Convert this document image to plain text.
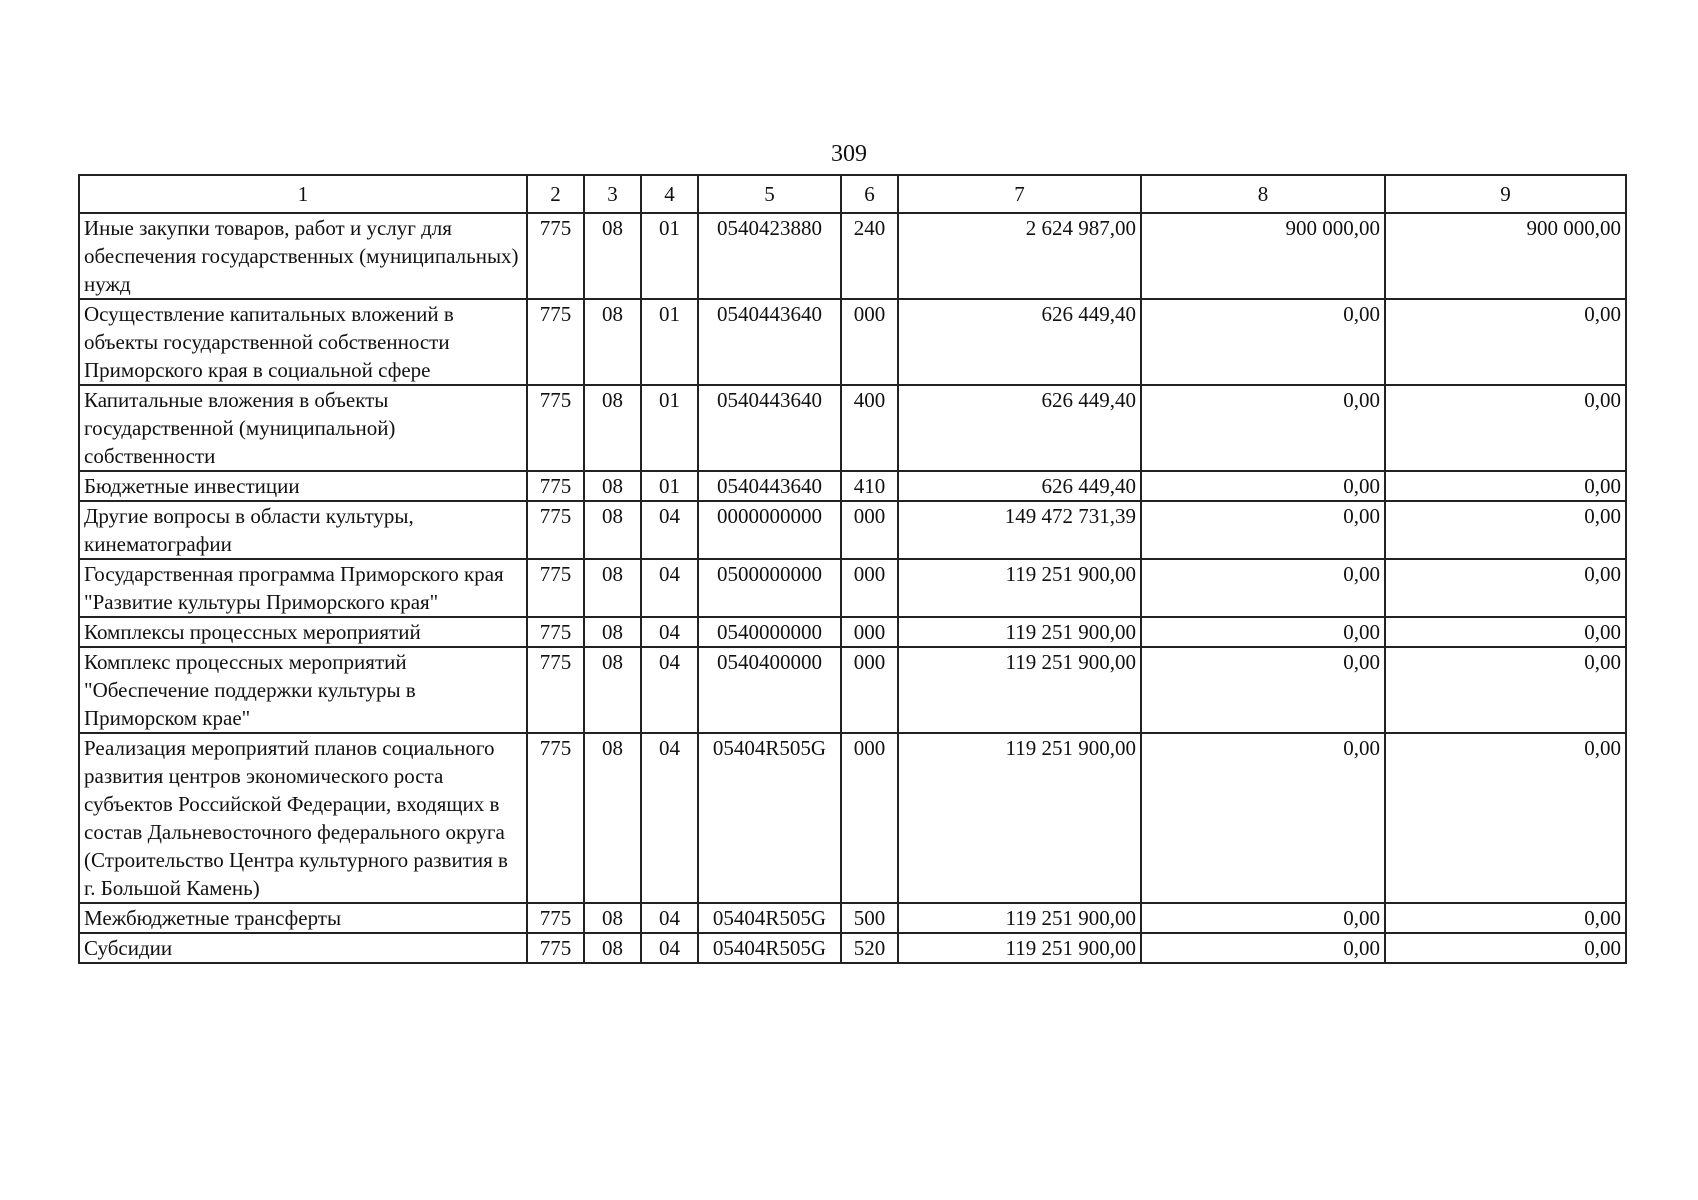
309
1	2	3	4	5	6	7	8	9
Иные закупки товаров, работ и услуг для обеспечения государственных (муниципальных) нужд	775	08	01	0540423880	240	2 624 987,00	900 000,00	900 000,00
Осуществление капитальных вложений в объекты государственной собственности Приморского края в социальной сфере	775	08	01	0540443640	000	626 449,40	0,00	0,00
Капитальные вложения в объекты государственной (муниципальной) собственности	775	08	01	0540443640	400	626 449,40	0,00	0,00
Бюджетные инвестиции	775	08	01	0540443640	410	626 449,40	0,00	0,00
Другие вопросы в области культуры, кинематографии	775	08	04	0000000000	000	149 472 731,39	0,00	0,00
Государственная программа Приморского края "Развитие культуры Приморского края"	775	08	04	0500000000	000	119 251 900,00	0,00	0,00
Комплексы процессных мероприятий	775	08	04	0540000000	000	119 251 900,00	0,00	0,00
Комплекс процессных мероприятий "Обеспечение поддержки культуры в Приморском крае"	775	08	04	0540400000	000	119 251 900,00	0,00	0,00
Реализация мероприятий планов социального развития центров экономического роста субъектов Российской Федерации, входящих в состав Дальневосточного федерального округа (Строительство Центра культурного развития в г. Большой Камень)	775	08	04	05404R505G	000	119 251 900,00	0,00	0,00
Межбюджетные трансферты	775	08	04	05404R505G	500	119 251 900,00	0,00	0,00
Субсидии	775	08	04	05404R505G	520	119 251 900,00	0,00	0,00
